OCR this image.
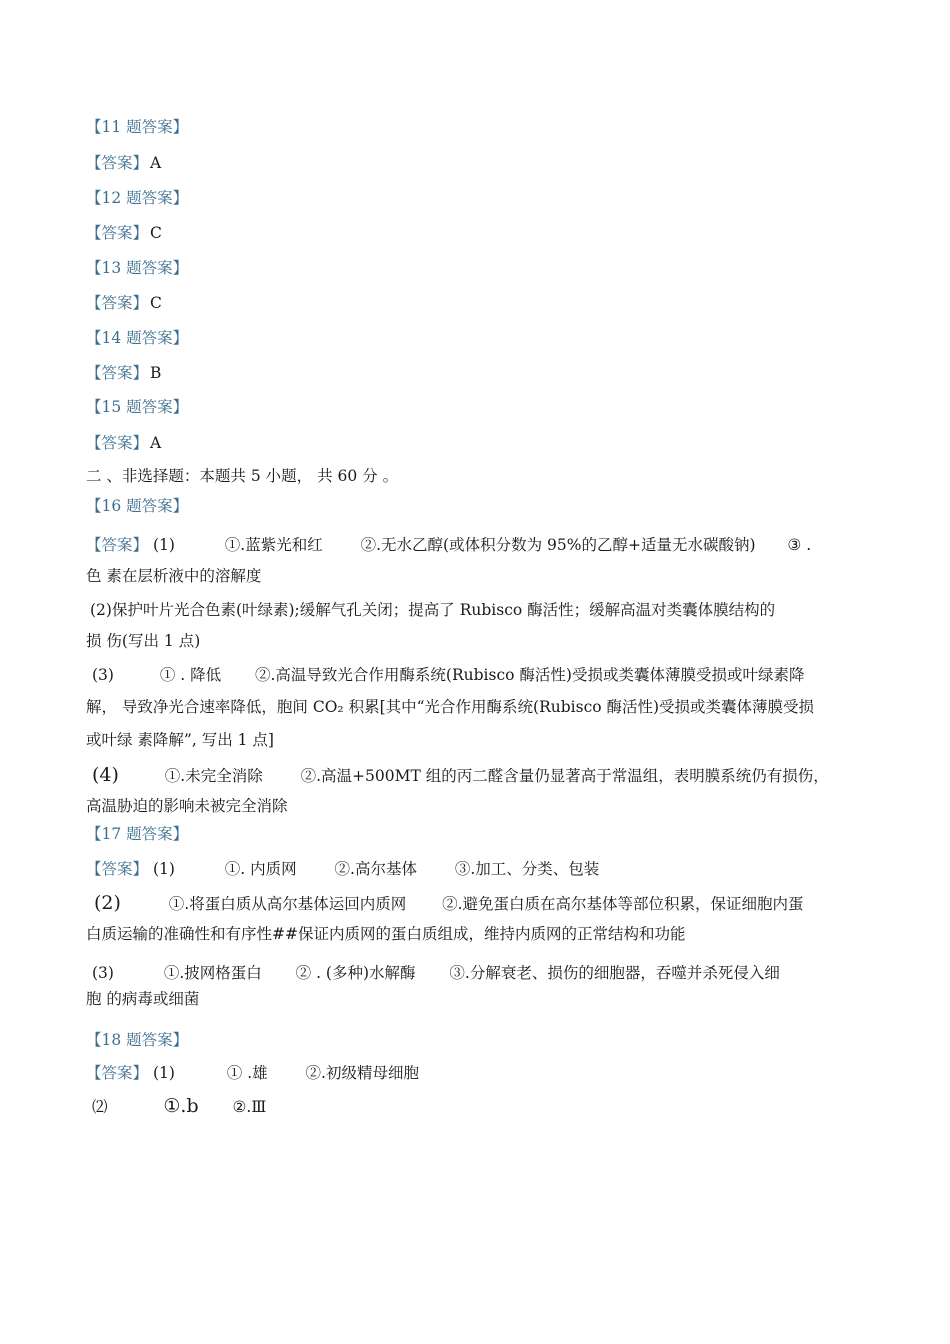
【11 题答案】
【答案】 A
【12 题答案】
【答案】 C
【13 题答案】
【答案】 C
【14 题答案】
【答案】 B
【15 题答案】
【答案】 A
二 、非选择题：本题共 5 小题， 共 60 分 。
【16 题答案】
【答案】 (1)	①.蓝紫光和红 ②.无水乙醇(或体积分数为 95%的乙醇+适量无水碳酸钠) ③ .
色 素在层析液中的溶解度
(2)保护叶片光合色素(叶绿素);缓解气孔关闭；提高了 Rubisco 酶活性；缓解高温对类囊体膜结构的
损 伤(写出 1 点)
(3)	① . 降低 ②.高温导致光合作用酶系统(Rubisco 酶活性)受损或类囊体薄膜受损或叶绿素降
解， 导致净光合速率降低，胞间 CO₂ 积累[其中“光合作用酶系统(Rubisco 酶活性)受损或类囊体薄膜受损
或叶绿 素降解”, 写出 1 点]
(4)	①.未完全消除 ②.高温+500MT 组的丙二醛含量仍显著高于常温组，表明膜系统仍有损伤，
高温胁迫的影响未被完全消除
【17 题答案】
【答案】 (1)	①. 内质网 ②.高尔基体 ③.加工、分类、包装
(2)	①.将蛋白质从高尔基体运回内质网 ②.避免蛋白质在高尔基体等部位积累，保证细胞内蛋
白质运输的准确性和有序性##保证内质网的蛋白质组成，维持内质网的正常结构和功能
(3)	①.披网格蛋白 ② . (多种)水解酶 ③.分解衰老、损伤的细胞器，吞噬并杀死侵入细
胞 的病毒或细菌
【18 题答案】
【答案】 (1)	① .雄 ②.初级精母细胞
⑵	①.b ②.Ⅲ
